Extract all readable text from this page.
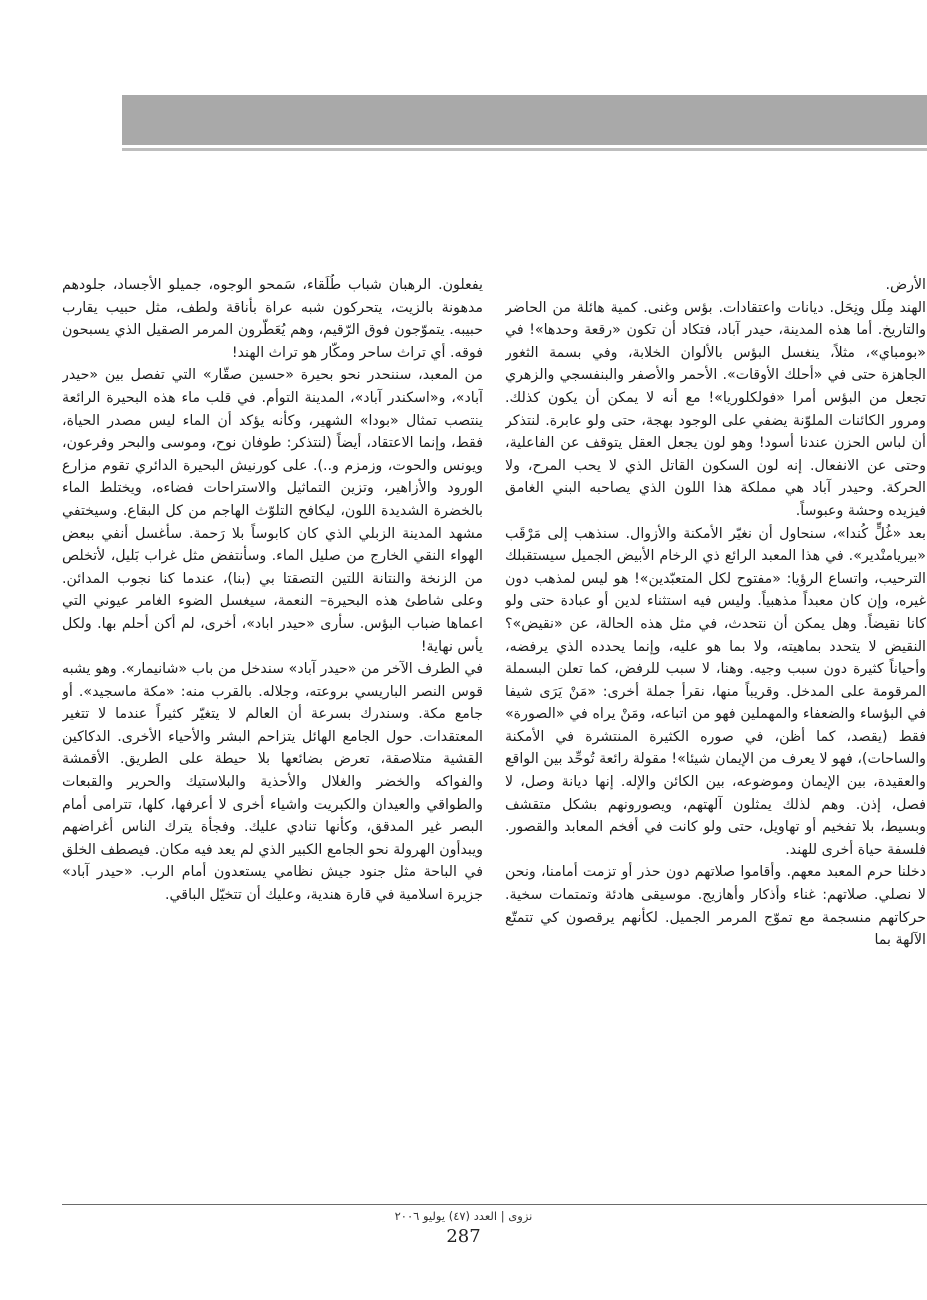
الأرض.

الهند مِلَل ونِحَل. ديانات واعتقادات. بؤس وغنى. كمية هائلة من الحاضر والتاريخ. أما هذه المدينة، حيدر آباد، فتكاد أن تكون «رقعة وحدها»! في «بومباي»، مثلاً، ينغسل البؤس بالألوان الخلابة، وفي بسمة الثغور الجاهزة حتى في «أحلك الأوقات». الأحمر والأصفر والبنفسجي والزهري تجعل من البؤس أمرا «فولكلوريا»! مع أنه لا يمكن أن يكون كذلك. ومرور الكائنات الملوّنة يضفي على الوجود بهجة، حتى ولو عابرة. لنتذكر أن لباس الحزن عندنا أسود! وهو لون يجعل العقل يتوقف عن الفاعلية، وحتى عن الانفعال. إنه لون السكون القاتل الذي لا يحب المرح، ولا الحركة. وحيدر آباد هي مملكة هذا اللون الذي يصاحبه البني الغامق فيزيده وحشة وعبوساً.

بعد «غُلٍّ كُندا»، سنحاول أن نغيّر الأمكنة والأزوال. سنذهب إلى مَرْقَب «بيريامنْدير». في هذا المعبد الرائع ذي الرخام الأبيض الجميل سيستقبلك الترحيب، واتساع الرؤيا: «مفتوح لكل المتعبّدين»! هو ليس لمذهب دون غيره، وإن كان معبداً مذهبياً. وليس فيه استثناء لدين أو عبادة حتى ولو كانا نقيضاً. وهل يمكن أن نتحدث، في مثل هذه الحالة، عن «نقيض»؟ النقيض لا يتحدد بماهيته، ولا بما هو عليه، وإنما يحدده الذي يرفضه، وأحياناً كثيرة دون سبب وجيه. وهنا، لا سبب للرفض، كما تعلن البسملة المرقومة على المدخل. وقريباً منها، نقرأ جملة أخرى: «مَنْ يَرَى شيفا في البؤساء والضعفاء والمهملين فهو من اتباعه، ومَنْ يراه في «الصورة» فقط (يقصد، كما أظن، في صوره الكثيرة المنتشرة في الأمكنة والساحات)، فهو لا يعرف من الإيمان شيئا»! مقولة رائعة تُوحِّد بين الواقع والعقيدة، بين الإيمان وموضوعه، بين الكائن والإله. إنها ديانة وصل، لا فصل، إذن. وهم لذلك يمثلون آلهتهم، ويصورونهم بشكل متقشف وبسيط، بلا تفخيم أو تهاويل، حتى ولو كانت في أفخم المعابد والقصور. فلسفة حياة أخرى للهند.

دخلنا حرم المعبد معهم. وأقاموا صلاتهم دون حذر أو تزمت أمامنا، ونحن لا نصلي. صلاتهم: غناء وأذكار وأهازيج. موسيقى هادئة وتمتمات سخية. حركاتهم منسجمة مع تموّج المرمر الجميل. لكأنهم يرقصون كي تتمتّع الآلهة بما

يفعلون. الرهبان شباب طُلَقاء، سَمحو الوجوه، جميلو الأجساد، جلودهم مدهونة بالزيت، يتحركون شبه عراة بأناقة ولطف، مثل حبيب يقارب حبيبه. يتموّجون فوق الرّقيم، وهم يُعَطّرون المرمر الصقيل الذي يسبحون فوقه. أي تراث ساحر ومكّار هو تراث الهند!

من المعبد، سننحدر نحو بحيرة «حسين صقّار» التي تفصل بين «حيدر آباد»، و«اسكندر آباد»، المدينة التوأم. في قلب ماء هذه البحيرة الرائعة ينتصب تمثال «بودا» الشهير، وكأنه يؤكد أن الماء ليس مصدر الحياة، فقط، وإنما الاعتقاد، أيضاً (لنتذكر: طوفان نوح، وموسى والبحر وفرعون، ويونس والحوت، وزمزم و..). على كورنيش البحيرة الدائري تقوم مزارع الورود والأزاهير، وتزين التماثيل والاستراحات فضاءه، ويختلط الماء بالخضرة الشديدة اللون، ليكافح التلوّث الهاجم من كل البقاع. وسيختفي مشهد المدينة الزبلي الذي كان كابوساً بلا رَحمة. سأغسل أنفي ببعض الهواء النقي الخارج من صليل الماء. وسأنتفض مثل غراب بَليل، لأتخلص من الزنخة والنتانة اللتين التصقتا بي (بنا)، عندما كنا نجوب المدائن. وعلى شاطئ هذه البحيرة– النعمة، سيغسل الضوء الغامر عيوني التي اعماها ضباب البؤس. سأرى «حيدر اباد»، أخرى، لم أكن أحلم بها. ولكل يأس نهاية!

في الطرف الآخر من «حيدر آباد» سندخل من باب «شانيمار». وهو يشبه قوس النصر الباريسي بروعته، وجلاله. بالقرب منه: «مكة ماسجيد». أو جامع مكة. وسندرك بسرعة أن العالم لا يتغيّر كثيراً عندما لا تتغير المعتقدات. حول الجامع الهائل يتزاحم البشر والأحياء الأخرى. الدكاكين القشية متلاصقة، تعرض بضائعها بلا حيطة على الطريق. الأقمشة والفواكه والخضر والغلال والأحذية والبلاستيك والحرير والقبعات والطواقي والعيدان والكبريت واشياء أخرى لا أعرفها، كلها، تترامى أمام البصر غير المدقق، وكأنها تنادي عليك. وفجأة يترك الناس أغراضهم ويبدأون الهرولة نحو الجامع الكبير الذي لم يعد فيه مكان. فيصطف الخلق في الباحة مثل جنود جيش نظامي يستعدون أمام الرب. «حيدر آباد» جزيرة اسلامية في قارة هندية، وعليك أن تتخيّل الباقي.

نزوى | العدد (٤٧) يوليو ٢٠٠٦
287
